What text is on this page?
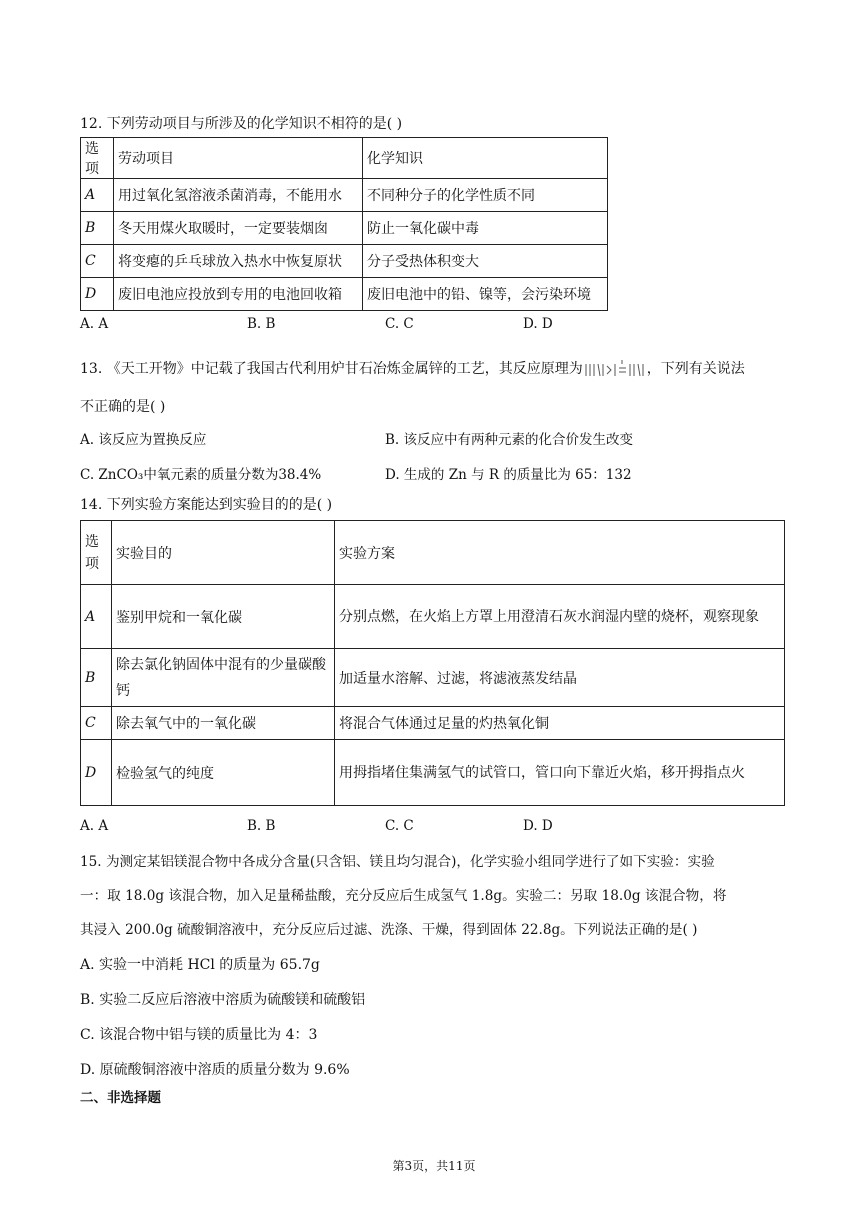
12. 下列劳动项目与所涉及的化学知识不相符的是( )
选项	劳动项目	化学知识
A	用过氧化氢溶液杀菌消毒，不能用水	不同种分子的化学性质不同
B	冬天用煤火取暖时，一定要装烟囱	防止一氧化碳中毒
C	将变瘪的乒乓球放入热水中恢复原状	分子受热体积变大
D	废旧电池应投放到专用的电池回收箱	废旧电池中的铅、镍等，会污染环境
A. A	B. B	C. C	D. D
13. 《天工开物》中记载了我国古代利用炉甘石冶炼金属锌的工艺，其反应原理为	，下列有关说法
不正确的是( )
A. 该反应为置换反应	B. 该反应中有两种元素的化合价发生改变
C. ZnCO₃中氧元素的质量分数为38.4%	D. 生成的 Zn 与 R 的质量比为 65：132
14. 下列实验方案能达到实验目的的是( )
选
项	实验目的	实验方案
A	鉴别甲烷和一氧化碳	分别点燃，在火焰上方罩上用澄清石灰水润湿内壁的烧杯，观察现象
B	除去氯化钠固体中混有的少量碳酸钙	加适量水溶解、过滤，将滤液蒸发结晶
C	除去氧气中的一氧化碳	将混合气体通过足量的灼热氧化铜
D	检验氢气的纯度	用拇指堵住集满氢气的试管口，管口向下靠近火焰，移开拇指点火
A. A	B. B	C. C	D. D
15. 为测定某铝镁混合物中各成分含量(只含铝、镁且均匀混合)，化学实验小组同学进行了如下实验：实验
一：取 18.0g 该混合物，加入足量稀盐酸，充分反应后生成氢气 1.8g。实验二：另取 18.0g 该混合物，将
其浸入 200.0g 硫酸铜溶液中，充分反应后过滤、洗涤、干燥，得到固体 22.8g。下列说法正确的是( )
A. 实验一中消耗 HCl 的质量为 65.7g
B. 实验二反应后溶液中溶质为硫酸镁和硫酸铝
C. 该混合物中铝与镁的质量比为 4：3
D. 原硫酸铜溶液中溶质的质量分数为 9.6%
二、非选择题
第3页，共11页
